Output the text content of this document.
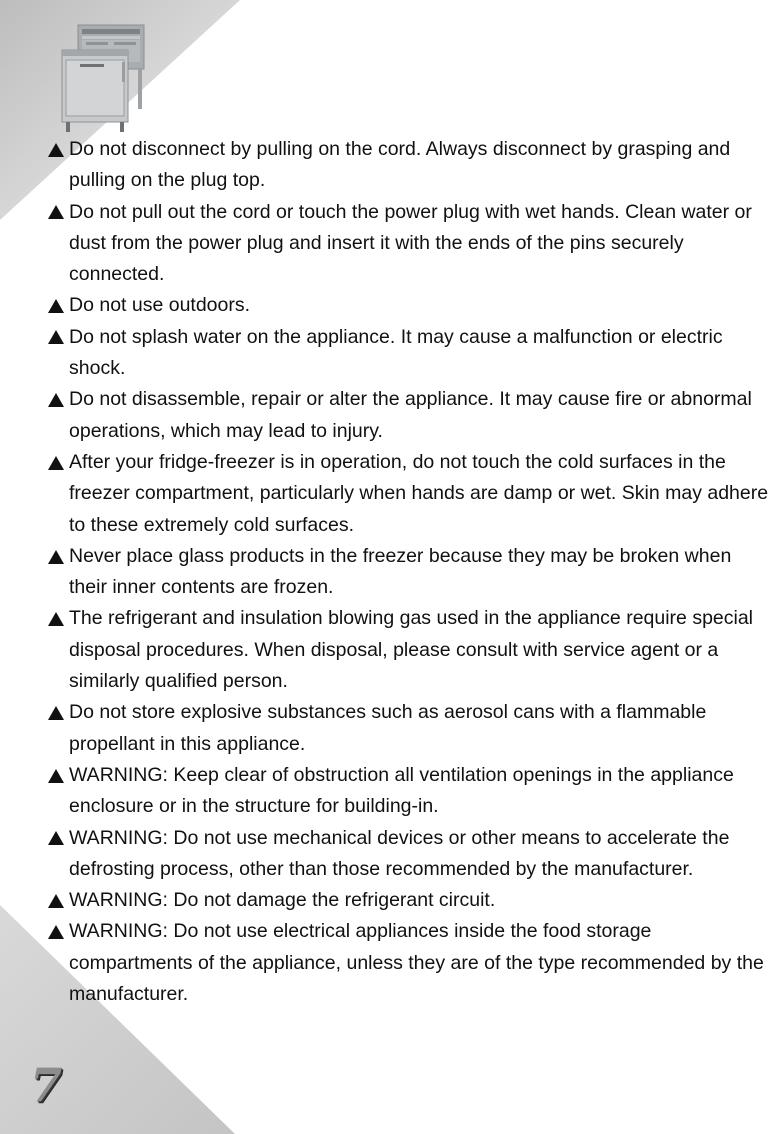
Do not disconnect by pulling on the cord. Always disconnect by grasping and pulling on the plug top.
Do not pull out the cord or touch the power plug with wet hands. Clean water or dust from the power plug and insert it with the ends of the pins securely connected.
Do not use outdoors.
Do not splash water on the appliance. It may cause a malfunction or electric shock.
Do not disassemble, repair or alter the appliance. It may cause fire or abnormal operations, which may lead to injury.
After your fridge-freezer is in operation, do not touch the cold surfaces in the freezer compartment, particularly when hands are damp or wet. Skin may adhere to these extremely cold surfaces.
Never place glass products in the freezer because they may be broken when their inner contents are frozen.
The refrigerant and insulation blowing gas used in the appliance require special disposal procedures. When disposal, please consult with service agent or a similarly qualified person.
Do not store explosive substances such as aerosol cans with a flammable propellant in this appliance.
WARNING: Keep clear of obstruction all ventilation openings in the appliance enclosure or in the structure for building-in.
WARNING: Do not use mechanical devices or other means to accelerate the defrosting process, other than those recommended by the manufacturer.
WARNING: Do not damage the refrigerant circuit.
WARNING: Do not use electrical appliances inside the food storage compartments of the appliance, unless they are of the type recommended by the manufacturer.
7
